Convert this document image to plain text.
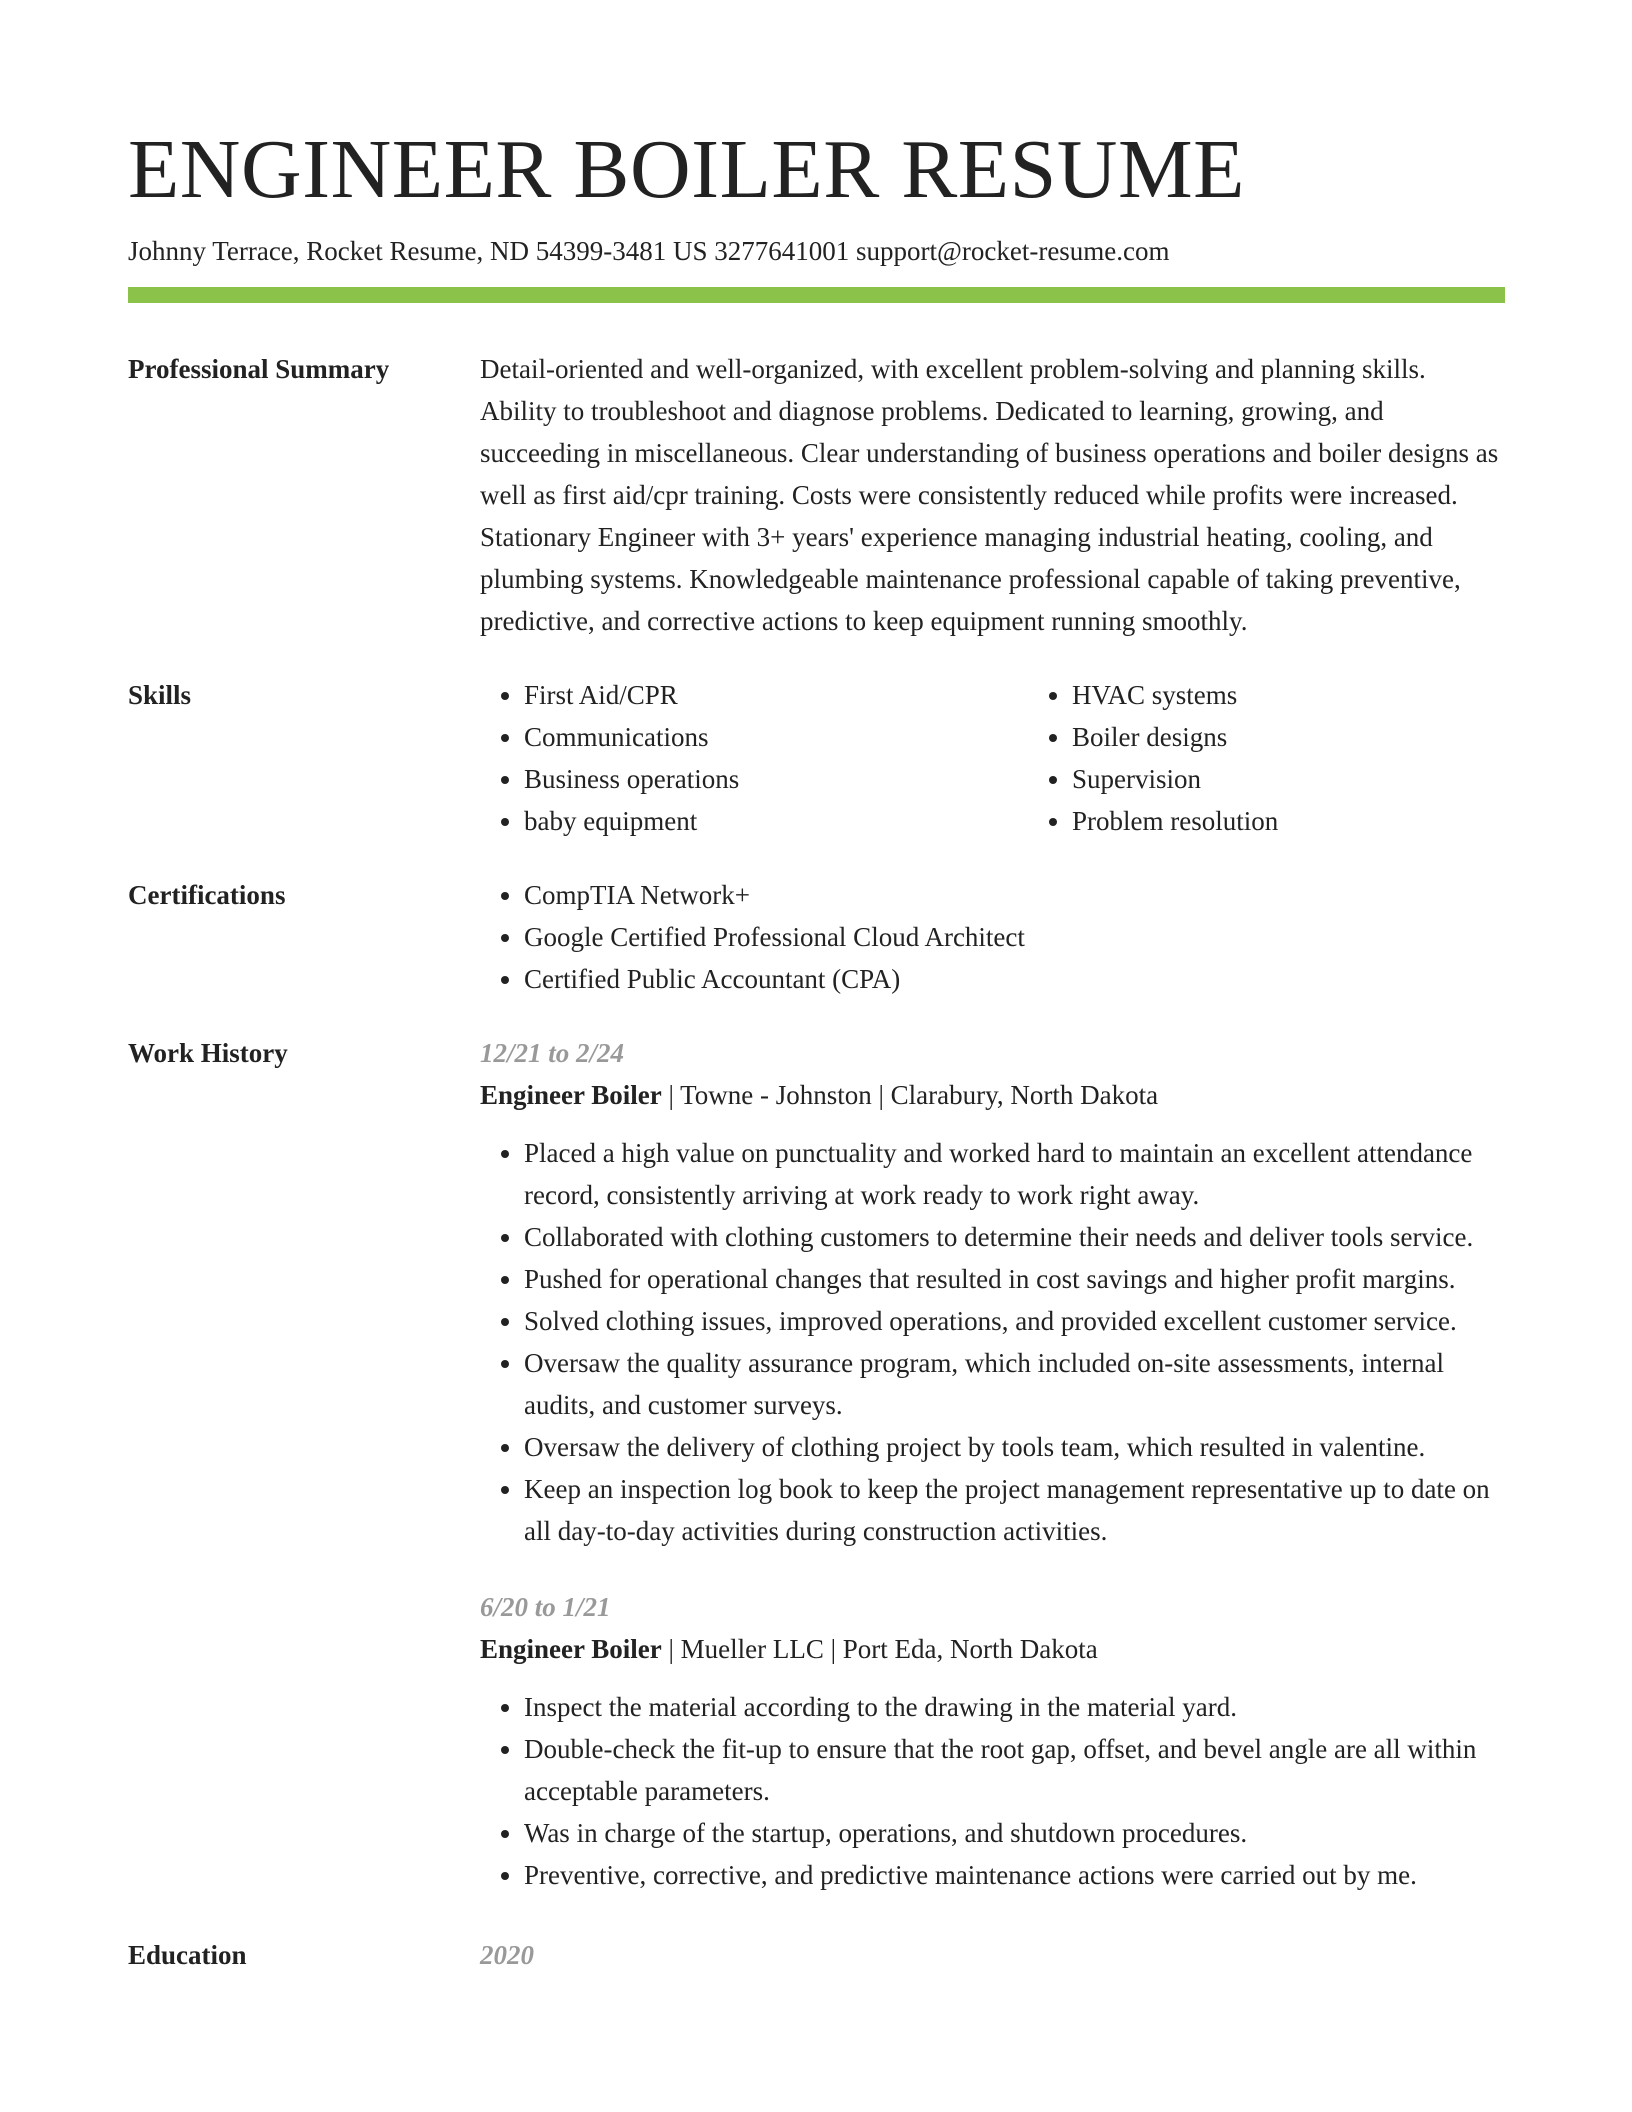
ENGINEER BOILER RESUME
Johnny Terrace, Rocket Resume, ND 54399-3481 US 3277641001 support@rocket-resume.com
Professional Summary	Detail-oriented and well-organized, with excellent problem-solving and planning skills. Ability to troubleshoot and diagnose problems. Dedicated to learning, growing, and succeeding in miscellaneous. Clear understanding of business operations and boiler designs as well as first aid/cpr training. Costs were consistently reduced while profits were increased. Stationary Engineer with 3+ years' experience managing industrial heating, cooling, and plumbing systems. Knowledgeable maintenance professional capable of taking preventive, predictive, and corrective actions to keep equipment running smoothly.

Skills	• First Aid/CPR
• Communications
• Business operations
• baby equipment
• HVAC systems
• Boiler designs
• Supervision
• Problem resolution
Certifications	• CompTIA Network+
• Google Certified Professional Cloud Architect
• Certified Public Accountant (CPA)
Work History	12/21 to 2/24
Engineer Boiler | Towne - Johnston | Clarabury, North Dakota
• Placed a high value on punctuality and worked hard to maintain an excellent attendance record, consistently arriving at work ready to work right away.
• Collaborated with clothing customers to determine their needs and deliver tools service.
• Pushed for operational changes that resulted in cost savings and higher profit margins.
• Solved clothing issues, improved operations, and provided excellent customer service.
• Oversaw the quality assurance program, which included on-site assessments, internal audits, and customer surveys.
• Oversaw the delivery of clothing project by tools team, which resulted in valentine.
• Keep an inspection log book to keep the project management representative up to date on all day-to-day activities during construction activities.
6/20 to 1/21
Engineer Boiler | Mueller LLC | Port Eda, North Dakota
• Inspect the material according to the drawing in the material yard.
• Double-check the fit-up to ensure that the root gap, offset, and bevel angle are all within acceptable parameters.
• Was in charge of the startup, operations, and shutdown procedures.
• Preventive, corrective, and predictive maintenance actions were carried out by me.
Education	2020
